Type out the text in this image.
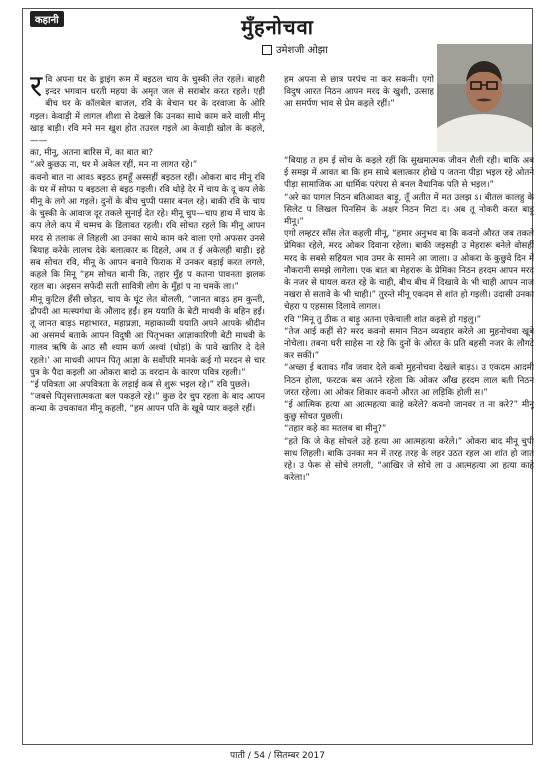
कहानी	मुँहनोचवा
उमेशजी ओझा

रवि अपना घर के ड्राइंग रूम में बइठल चाय के चुस्की लेत रहले। बाहरी इन्दर भगवान धरती महया के अमृत जल से सराबोर करत रहले। एही बीच घर के कॉलबेल बाजल, रवि के बेचान घर के दरवाजा के ओरि गइल। केवाड़ी में लागल शीशा से देखले कि उनका साथे काम करे वाली मीनू खाड़ बाड़ी। रवि मने मन खुश होत तउरल गइले आ केवाड़ी खोल के कहले, ——

का, मीनू, अतना बारिस में, का बात बा?

“अरे कुछऊ ना, घर में अकेल रहीं, मन ना लागत रहे।”

कवनो बात ना आवऽ बइठऽ हमहूँ अस्सहीं बइठल रहीं। ओकरा बाद मीनू रवि के घर में सोफा प बइठला से बइठ गइली। रवि थोड़े देर में चाय के दू कप लेके मीनू के लगे आ गइले। दुनों के बीच चुप्पी पसार बनल रहे। बाकी रवि के चाय के चुस्की के आवाज दूर तकले सुनाई देत रहे। मीनू चुप—चाप हाथ में चाय के कप लेले कप में चम्मच के डिलावत रहली। रवि सोचत रहले कि मीनू आपन मरद से तलाक ले लिहली आ उनका साथे काम करे वाला एगो अफसर उनसे बियाह करेके लालच देके बलात्कार क दिहले, अब त ई अकेलही बाड़ी। इहे सब सोचत रवि, मीनू के आपन बनावे फिराक में उनकर बड़ाई करत लगले, कहले कि मिनू “हम सोचत बानी कि, तहार मुँह प कतना पावनता झलक रहल बा। अइसन सफेदी सती सावित्री लोग के मुँहां प ना चमकें ला।”

मीनू कुटिल हँसी छोड़त, चाय के घूंट लेत बोलली, “जानत बाड़ऽ हम कुन्ती, द्रौपदी आ मत्स्यगंधा के औलाद हईं। हम ययाति के बेटी माधवी के बहिन हईं। तू जानत बाड़ऽ महाभारत, महाप्रज्ञा, महाकाव्यी ययाति अपने आपके श्रीदीन आ असमर्थ बताके आपन विदुषी आ पितृभक्त आज्ञाकारिणी बेटी माधवी के गालव ऋषि के आठ सौ श्याम कर्ण अश्वां (घोड़ां) के पावे खातिर दे देले रहले।’ आ माधवी आपन पितृ आज्ञा के सर्वोपरि मानके कई गो मरदन से चार पुत्र के पैदा कइली आ ओकरा बादो ऊ वरदान के कारण पवित्र रहली।”

“ई पवित्रता आ अपवित्रता के लड़ाई कब से शुरू भइल रहे।” रवि पुछले।

“जबसे पितृसत्तात्मकता बल पकड़ले रहे।” कुछ देर चुप रहला के बाद आपन कन्धा के उचकावत मीनू कहली, “हम आपन पति के खूबे प्यार कइले रहीं।

हम अपना से छात्र परपंच ना कर सकनी। एगो विदुष आरत निठन आपन मरद के खुशी, उत्साह आ समर्पण भाव से प्रेम कइले रहीं।”

“बियाह त हम ई सोच के कइले रहीं कि सुखमात्मक जीवन शैली रही। बाकि अब ई समझ में आवत बा कि हम साथे बलात्कार होखे प जतना पीड़ा भइल रहे ओतने पीड़ा सामाजिक आ धार्मिक परंपरा से बनल वैधानिक पति से भइल।”

“अरे का पागल निठन बतिआवत बाड़ू, तूँ अतीत में मत उलझ ऽ। बीतल कालहु के सिलेट प लिखल पिनसिन के अक्षर निठन मिटा द। अब तू नोकरी करत बाड़ू मीनू।”

एगो लम्हटर साँस लेत कहली मीनू, “हमार अनुभव बा कि कवनो औरत जब तकले प्रेमिका रहेले, मरद ओकर दिवाना रहेला। बाकी जइसही उ मेहरारू बनेले वोसहीं मरद के सबसे सहियल भाव उमर के सामने आ जाला। उ ओकरा के कुछुवे दिन में नौकरानी समझे लागेला। एक बात बा मेहरारू के प्रेमिका निठन हरदम आपन मरद के नजर से घायल करत रहे के चाही, बीच बीच में दिखावे के भी चाही आपन नाज नखरा से सतावे के भी चाही।” तुरन्ते मीनू एकदम से शांत हो गइली। उदासी उनका चेहरा प एहसास दिलावे लागल।

रवि “मिनू तु ठीक त बाड़ु अतना एकेचाली शांत कइसे हो गइलु।”

“तेज आई कहीं से? मरद कवनो समान निठन व्यवहार करेले आ मुहनोचवा खूबे नोचेला। तबना घरी साहेस ना रहे कि दुनों के ओरत के प्रति बहसी नजर के लौगटे कर सकीं।”

“अच्छा ई बतावऽ गाँव जवार देले कबो मुहनोचवा देखले बाड़ऽ। उ एकदम आदमी निठन होला, फरटक बस अतने रहेला कि ओकर आँख हरदम लाल बती निठन जरत रहेला। आ ओकर शिकार कवनो औरत आ लड़िकि होली स।”

“ई आत्मिक हत्या आ आत्महत्या काहे करेले? कवनो जानवर त ना करे?” मीनू कुछु सोचत पुछली।

“तहार कहे का मतलब बा मीनू?”

“हते कि जे केह सोचले उहे हत्या आ आत्महत्या करेले।” ओकरा बाद मीनू चुपी साध लिहली। बाकि उनका मन में तरह तरह के लहर उठत रहल आ शांत हो जात रहे। उ फेरू से सोचे लगली, “आखिर जे सोचे ला उ आत्महत्या आ हत्या काहे करेला।”

पाती / 54 / सितम्बर 2017
